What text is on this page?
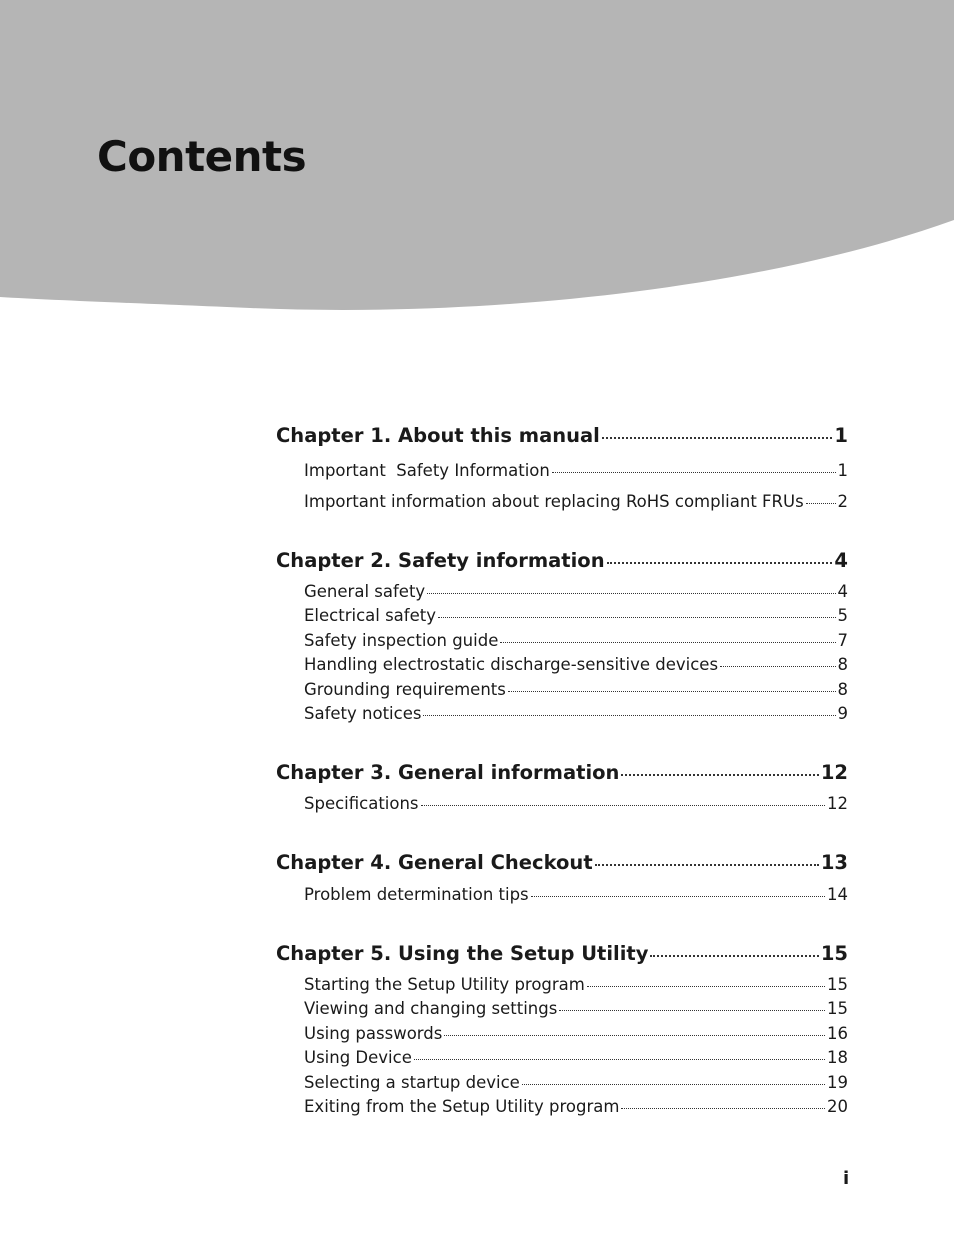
Contents
Chapter 1. About this manual	1
Important  Safety Information	1
Important information about replacing RoHS compliant FRUs 2
Chapter 2. Safety information	4
General safety	4
Electrical safety	5
Safety inspection guide	7
Handling electrostatic discharge-sensitive devices	8
Grounding requirements	8
Safety notices	9
Chapter 3. General information	12
Specifications	12
Chapter 4. General Checkout	13
Problem determination tips	14
Chapter 5. Using the Setup Utility	15
Starting the Setup Utility program	15
Viewing and changing settings	15
Using passwords	16
Using Device	18
Selecting a startup device	19
Exiting from the Setup Utility program	20
i
